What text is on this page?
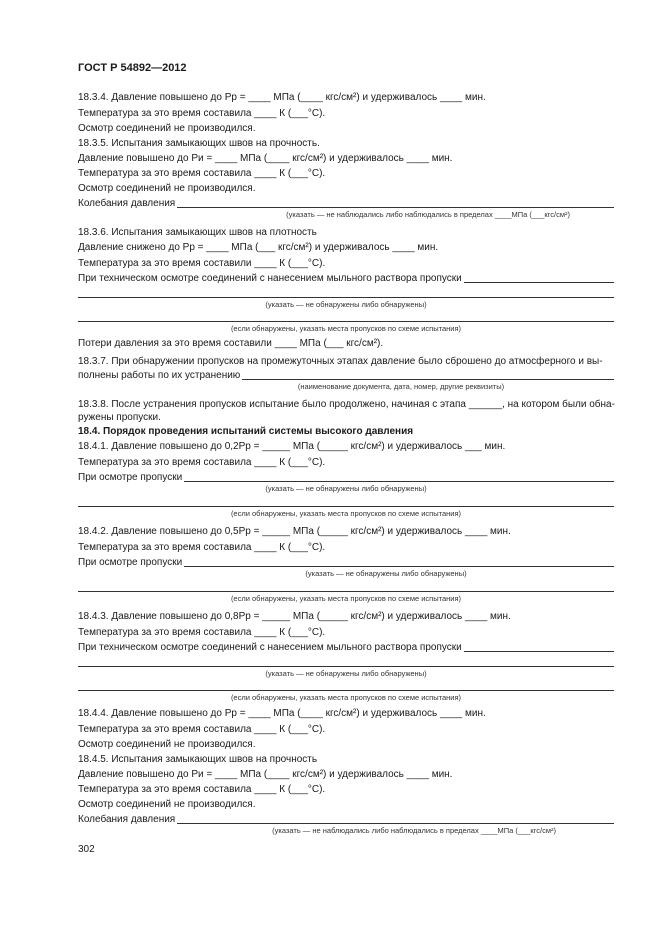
ГОСТ Р 54892—2012
18.3.4. Давление повышено до Pр = ____ МПа (____ кгс/см²) и удерживалось ____ мин.
Температура за это время составила ____ К (___°С).
Осмотр соединений не производился.
18.3.5. Испытания замыкающих швов на прочность.
Давление повышено до Pи = ____ МПа (____ кгс/см²) и удерживалось ____ мин.
Температура за это время составила ____ К (___°С).
Осмотр соединений не производился.
Колебания давления
(указать — не наблюдались либо наблюдались в пределах ____МПа (___кгс/см²)
18.3.6. Испытания замыкающих швов на плотность
Давление снижено до Pр = ____ МПа (___ кгс/см²) и удерживалось ____ мин.
Температура за это время составили ____ К (___°С).
При техническом осмотре соединений с нанесением мыльного раствора пропуски
(указать — не обнаружены либо обнаружены)
(если обнаружены, указать места пропусков по схеме испытания)
Потери давления за это время составили ____ МПа (___ кгс/см²).
18.3.7. При обнаружении пропусков на промежуточных этапах давление было сброшено до атмосферного и вы-
полнены работы по их устранению
(наименование документа, дата, номер, другие реквизиты)
18.3.8. После устранения пропусков испытание было продолжено, начиная с этапа ______, на котором были обна-
ружены пропуски.
18.4. Порядок проведения испытаний системы высокого давления
18.4.1. Давление повышено до 0,2Pр = _____ МПа (_____ кгс/см²) и удерживалось ___ мин.
Температура за это время составила ____ К (___°С).
При осмотре пропуски
(указать — не обнаружены либо обнаружены)
(если обнаружены, указать места пропусков по схеме испытания)
18.4.2. Давление повышено до 0,5Pр = _____ МПа (_____ кгс/см²) и удерживалось ____ мин.
Температура за это время составила ____ К (___°С).
При осмотре пропуски
(указать — не обнаружены либо обнаружены)
(если обнаружены, указать места пропусков по схеме испытания)
18.4.3. Давление повышено до 0,8Pр = _____ МПа (_____ кгс/см²) и удерживалось ____ мин.
Температура за это время составила ____ К (___°С).
При техническом осмотре соединений с нанесением мыльного раствора пропуски
(указать — не обнаружены либо обнаружены)
(если обнаружены, указать места пропусков по схеме испытания)
18.4.4. Давление повышено до Pр = ____ МПа (____ кгс/см²) и удерживалось ____ мин.
Температура за это время составила ____ К (___°С).
Осмотр соединений не производился.
18.4.5. Испытания замыкающих швов на прочность
Давление повышено до Pи = ____ МПа (____ кгс/см²) и удерживалось ____ мин.
Температура за это время составила ____ К (___°С).
Осмотр соединений не производился.
Колебания давления
(указать — не наблюдались либо наблюдались в пределах ____МПа (___кгс/см²)
302
